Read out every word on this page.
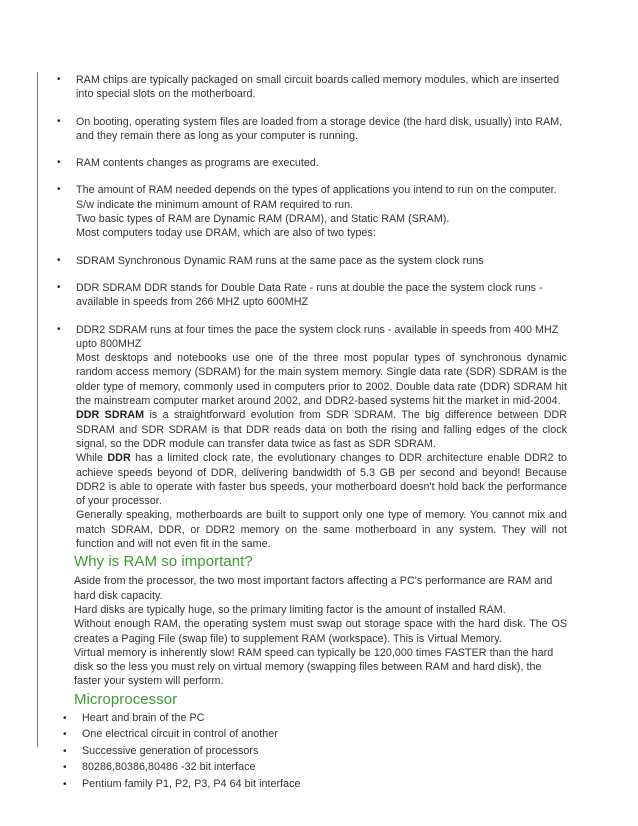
• RAM chips are typically packaged on small circuit boards called memory modules, which are inserted into special slots on the motherboard.

• On booting, operating system files are loaded from a storage device (the hard disk, usually) into RAM, and they remain there as long as your computer is running.

• RAM contents changes as programs are executed.

• The amount of RAM needed depends on the types of applications you intend to run on the computer. S/w indicate the minimum amount of RAM required to run.

Two basic types of RAM are Dynamic RAM (DRAM), and Static RAM (SRAM).

Most computers today use DRAM, which are also of two types:

• SDRAM Synchronous Dynamic RAM runs at the same pace as the system clock runs

• DDR SDRAM DDR stands for Double Data Rate - runs at double the pace the system clock runs - available in speeds from 266 MHZ upto 600MHZ

• DDR2 SDRAM runs at four times the pace the system clock runs - available in speeds from 400 MHZ upto 800MHZ

Most desktops and notebooks use one of the three most popular types of synchronous dynamic random access memory (SDRAM) for the main system memory. Single data rate (SDR) SDRAM is the older type of memory, commonly used in computers prior to 2002. Double data rate (DDR) SDRAM hit the mainstream computer market around 2002, and DDR2-based systems hit the market in mid-2004.

DDR SDRAM is a straightforward evolution from SDR SDRAM. The big difference between DDR SDRAM and SDR SDRAM is that DDR reads data on both the rising and falling edges of the clock signal, so the DDR module can transfer data twice as fast as SDR SDRAM.

While DDR has a limited clock rate, the evolutionary changes to DDR architecture enable DDR2 to achieve speeds beyond of DDR, delivering bandwidth of 5.3 GB per second and beyond! Because DDR2 is able to operate with faster bus speeds, your motherboard doesn't hold back the performance of your processor.

Generally speaking, motherboards are built to support only one type of memory. You cannot mix and match SDRAM, DDR, or DDR2 memory on the same motherboard in any system. They will not function and will not even fit in the same.

Why is RAM so important?

Aside from the processor, the two most important factors affecting a PC's performance are RAM and hard disk capacity.

Hard disks are typically huge, so the primary limiting factor is the amount of installed RAM.

Without enough RAM, the operating system must swap out storage space with the hard disk. The OS creates a Paging File (swap file) to supplement RAM (workspace). This is Virtual Memory.

Virtual memory is inherently slow! RAM speed can typically be 120,000 times FASTER than the hard disk so the less you must rely on virtual memory (swapping files between RAM and hard disk), the faster your system will perform.

Microprocessor
• Heart and brain of the PC
• One electrical circuit in control of another
• Successive generation of processors
• 80286,80386,80486 -32 bit interface
• Pentium family P1, P2, P3, P4 64 bit interface
